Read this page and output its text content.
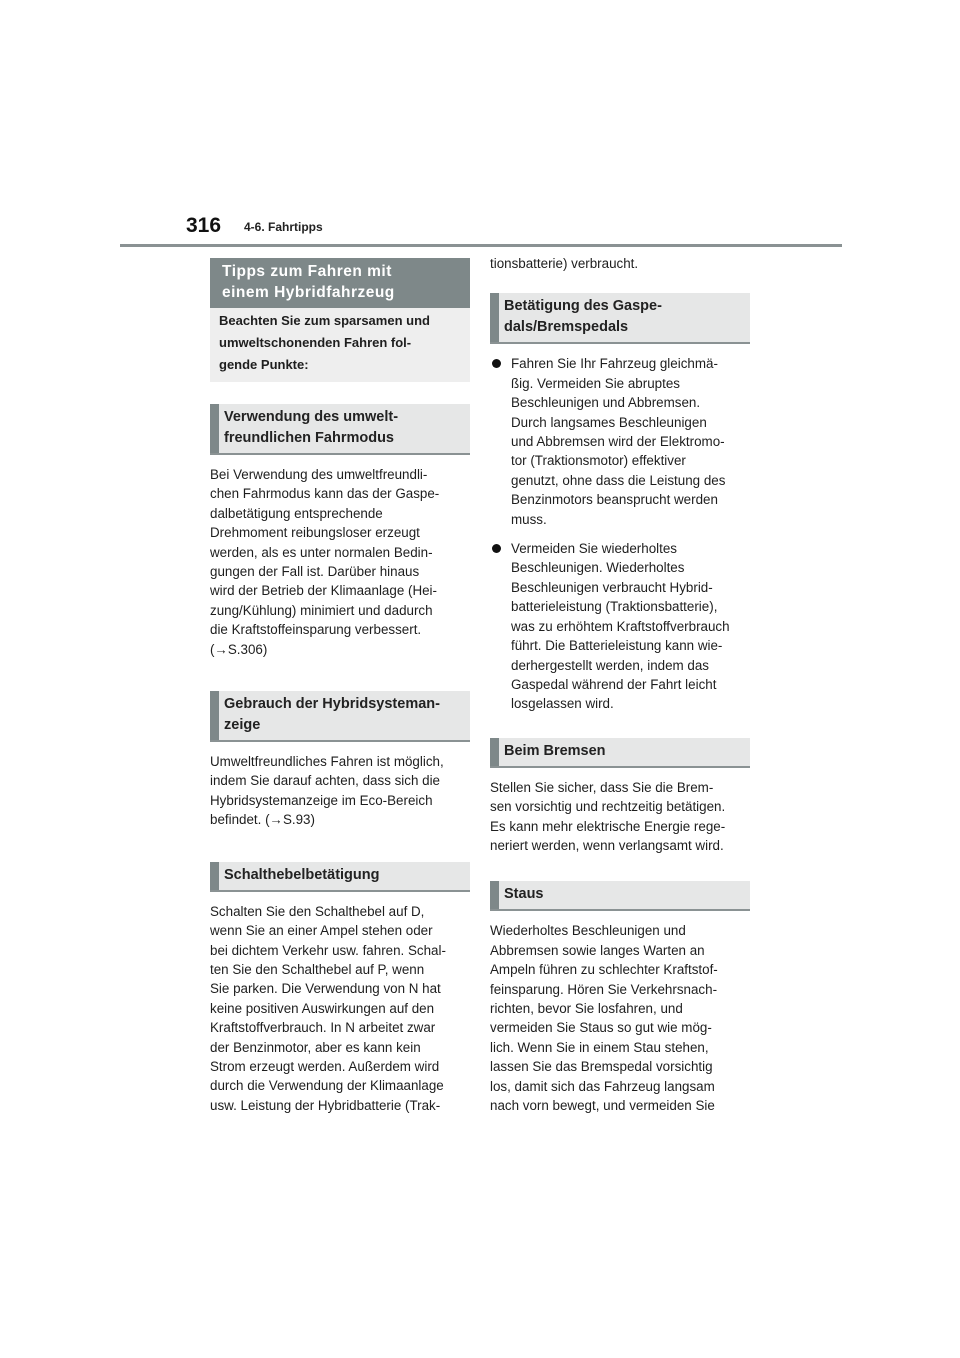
316 4-6. Fahrtipps
Tipps zum Fahren mit
einem Hybridfahrzeug
Beachten Sie zum sparsamen und
umweltschonenden Fahren fol-
gende Punkte:
Verwendung des umwelt-
freundlichen Fahrmodus

Bei Verwendung des umweltfreundli-
chen Fahrmodus kann das der Gaspe-
dalbetätigung entsprechende
Drehmoment reibungsloser erzeugt
werden, als es unter normalen Bedin-
gungen der Fall ist. Darüber hinaus
wird der Betrieb der Klimaanlage (Hei-
zung/Kühlung) minimiert und dadurch
die Kraftstoffeinsparung verbessert.
(→S.306)

Gebrauch der Hybridsysteman-
zeige

Umweltfreundliches Fahren ist möglich,
indem Sie darauf achten, dass sich die
Hybridsystemanzeige im Eco-Bereich
befindet. (→S.93)

Schalthebelbetätigung

Schalten Sie den Schalthebel auf D,
wenn Sie an einer Ampel stehen oder
bei dichtem Verkehr usw. fahren. Schal-
ten Sie den Schalthebel auf P, wenn
Sie parken. Die Verwendung von N hat
keine positiven Auswirkungen auf den
Kraftstoffverbrauch. In N arbeitet zwar
der Benzinmotor, aber es kann kein
Strom erzeugt werden. Außerdem wird
durch die Verwendung der Klimaanlage
usw. Leistung der Hybridbatterie (Trak-

tionsbatterie) verbraucht.

Betätigung des Gaspe-
dals/Bremspedals

Fahren Sie Ihr Fahrzeug gleichmä-
ßig. Vermeiden Sie abruptes
Beschleunigen und Abbremsen.
Durch langsames Beschleunigen
und Abbremsen wird der Elektromo-
tor (Traktionsmotor) effektiver
genutzt, ohne dass die Leistung des
Benzinmotors beansprucht werden
muss.

Vermeiden Sie wiederholtes
Beschleunigen. Wiederholtes
Beschleunigen verbraucht Hybrid-
batterieleistung (Traktionsbatterie),
was zu erhöhtem Kraftstoffverbrauch
führt. Die Batterieleistung kann wie-
derhergestellt werden, indem das
Gaspedal während der Fahrt leicht
losgelassen wird.

Beim Bremsen

Stellen Sie sicher, dass Sie die Brem-
sen vorsichtig und rechtzeitig betätigen.
Es kann mehr elektrische Energie rege-
neriert werden, wenn verlangsamt wird.

Staus

Wiederholtes Beschleunigen und
Abbremsen sowie langes Warten an
Ampeln führen zu schlechter Kraftstof-
feinsparung. Hören Sie Verkehrsnach-
richten, bevor Sie losfahren, und
vermeiden Sie Staus so gut wie mög-
lich. Wenn Sie in einem Stau stehen,
lassen Sie das Bremspedal vorsichtig
los, damit sich das Fahrzeug langsam
nach vorn bewegt, und vermeiden Sie
